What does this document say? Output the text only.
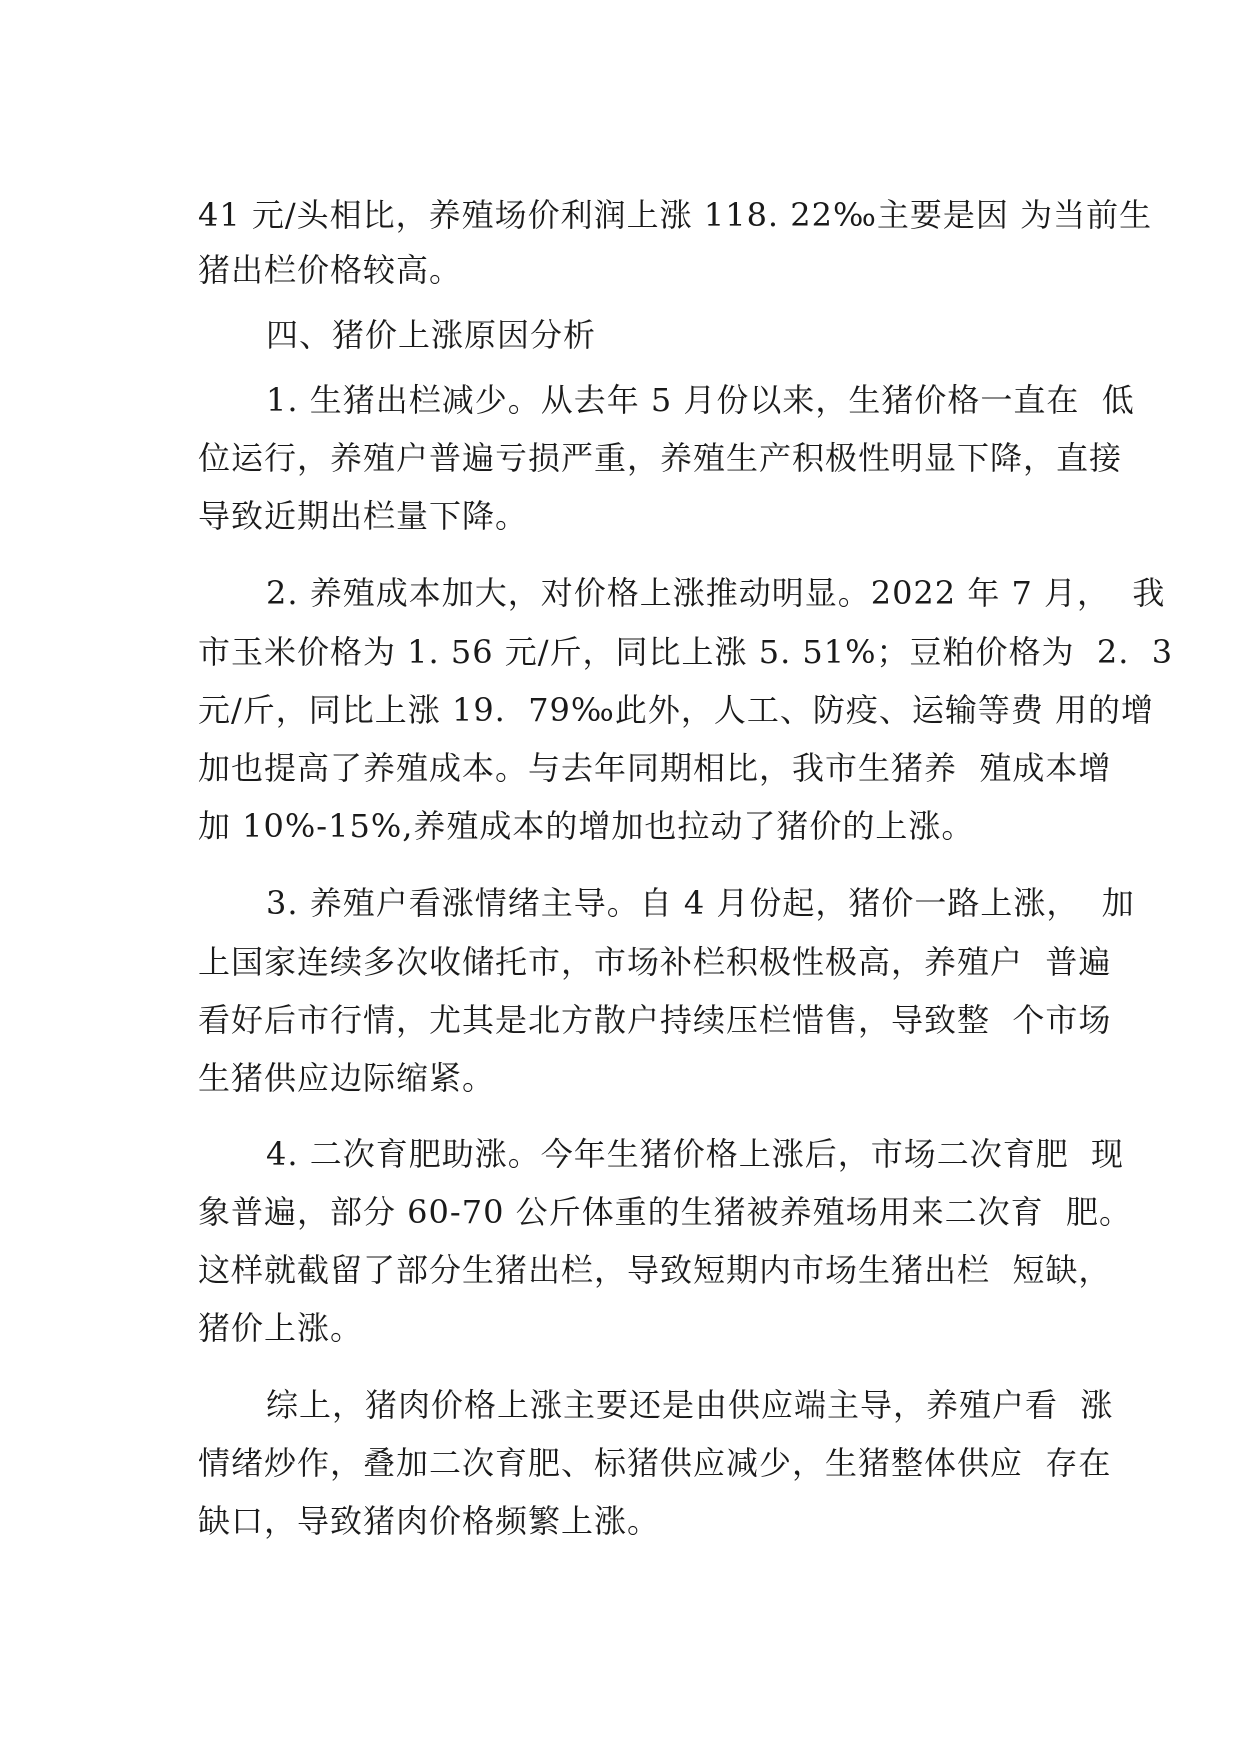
41 元/头相比，养殖场价利润上涨 118. 22‰主要是因 为当前生
猪出栏价格较高。
四、猪价上涨原因分析
1. 生猪出栏减少。从去年 5 月份以来，生猪价格一直在  低
位运行，养殖户普遍亏损严重，养殖生产积极性明显下降，直接
导致近期出栏量下降。
2. 养殖成本加大，对价格上涨推动明显。2022 年 7 月，  我
市玉米价格为 1. 56 元/斤，同比上涨 5. 51%；豆粕价格为  2.  3
元/斤，同比上涨 19.  79‰此外，人工、防疫、运输等费 用的增
加也提高了养殖成本。与去年同期相比，我市生猪养  殖成本增
加 10%-15%,养殖成本的增加也拉动了猪价的上涨。
3. 养殖户看涨情绪主导。自 4 月份起，猪价一路上涨，  加
上国家连续多次收储托市，市场补栏积极性极高，养殖户  普遍
看好后市行情，尤其是北方散户持续压栏惜售，导致整  个市场
生猪供应边际缩紧。
4. 二次育肥助涨。今年生猪价格上涨后，市场二次育肥  现
象普遍，部分 60-70 公斤体重的生猪被养殖场用来二次育  肥。
这样就截留了部分生猪出栏，导致短期内市场生猪出栏  短缺，
猪价上涨。
综上，猪肉价格上涨主要还是由供应端主导，养殖户看  涨
情绪炒作，叠加二次育肥、标猪供应减少，生猪整体供应  存在
缺口，导致猪肉价格频繁上涨。
